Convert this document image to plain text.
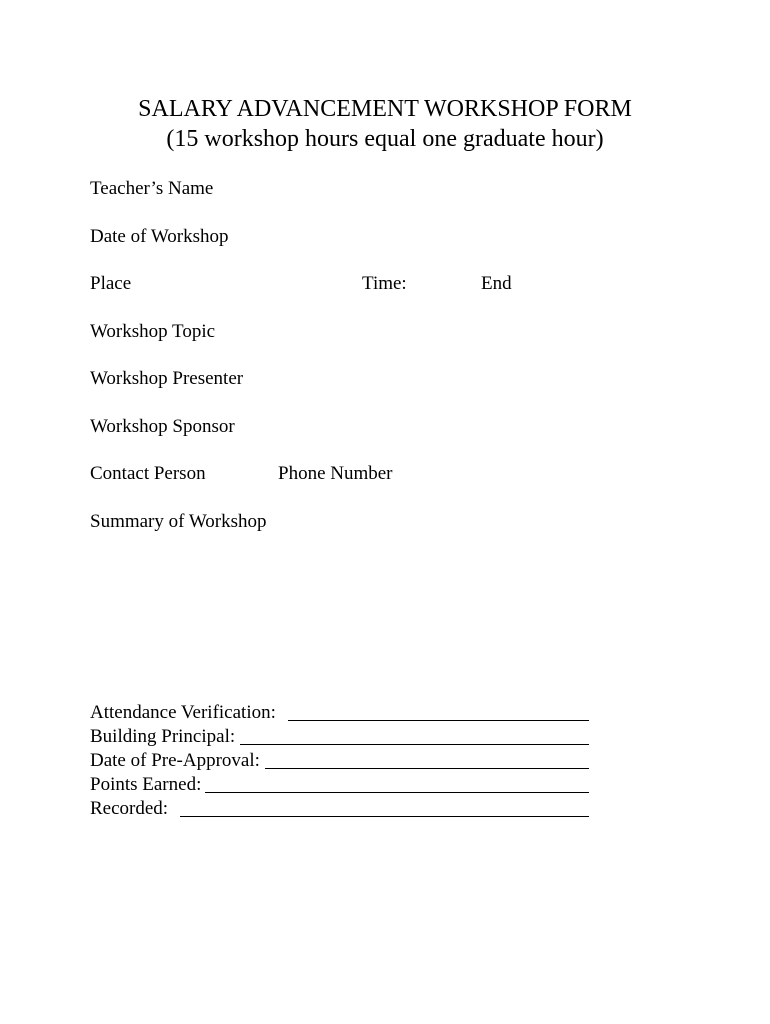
SALARY ADVANCEMENT WORKSHOP FORM
(15 workshop hours equal one graduate hour)
Teacher’s Name
Date of Workshop
Place	Time:	End
Workshop Topic
Workshop Presenter
Workshop Sponsor
Contact Person	Phone Number
Summary of Workshop
Attendance Verification:
Building Principal:
Date of Pre-Approval:
Points Earned:
Recorded:
